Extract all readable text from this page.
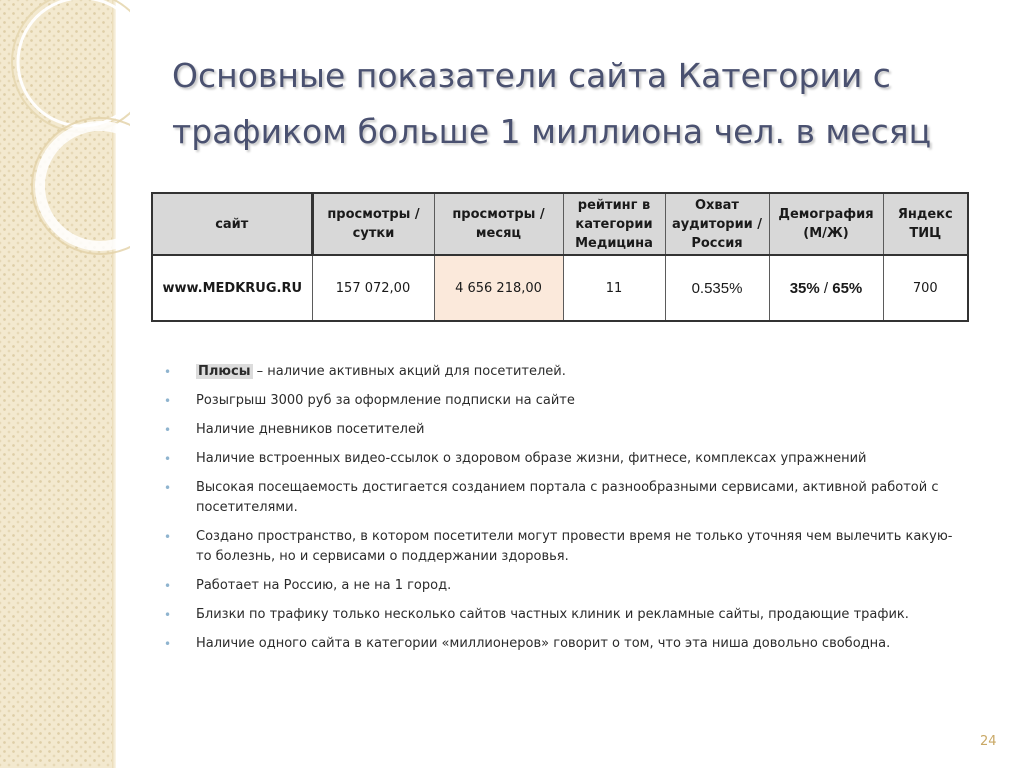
Основные показатели сайта Категории с трафиком больше 1 миллиона чел. в месяц
сайт	просмотры / сутки	просмотры / месяц	рейтинг в категории Медицина	Охват аудитории / Россия	Демография (М/Ж)	Яндекс ТИЦ
www.MEDKRUG.RU	157 072,00	4 656 218,00	11	0.535%	35% / 65%	700
• Плюсы – наличие активных акций для посетителей.
• Розыгрыш 3000 руб за оформление подписки на сайте
• Наличие дневников посетителей
• Наличие встроенных видео-ссылок о здоровом образе жизни, фитнесе, комплексах упражнений
• Высокая посещаемость достигается созданием портала с разнообразными сервисами, активной работой с посетителями.
• Создано пространство, в котором посетители могут провести время не только уточняя чем вылечить какую-то болезнь, но и сервисами о поддержании здоровья.
• Работает на Россию, а не на 1 город.
• Близки по трафику только несколько сайтов частных клиник и рекламные сайты, продающие трафик.
• Наличие одного сайта в категории «миллионеров» говорит о том, что эта ниша довольно свободна.
24
